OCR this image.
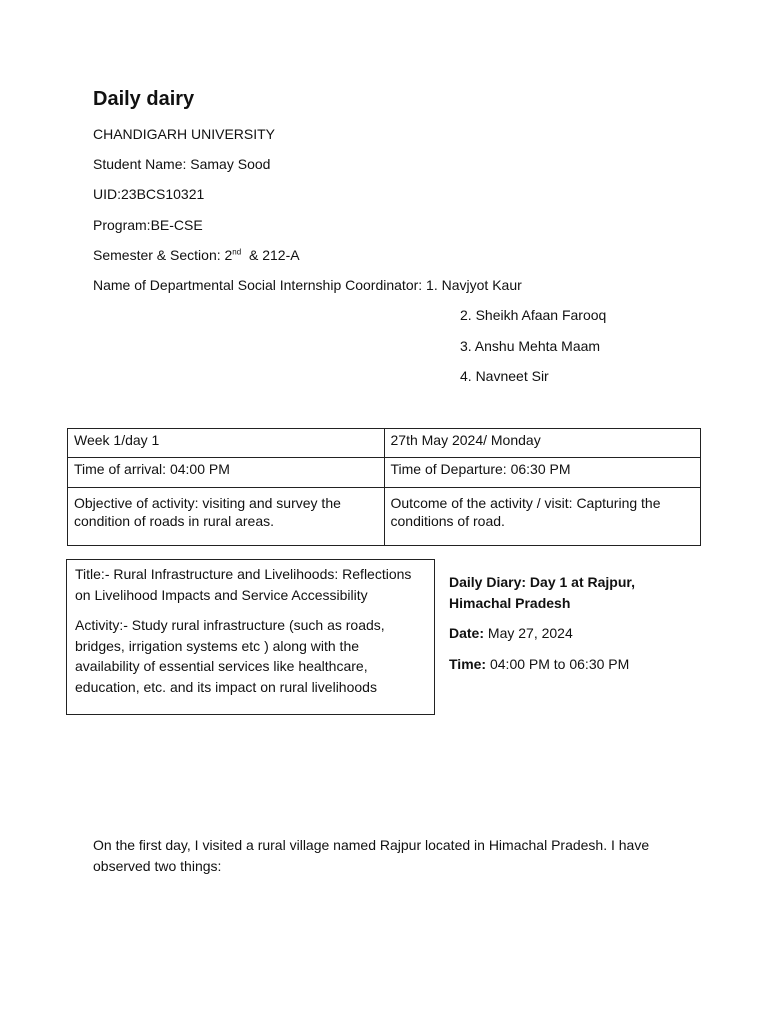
Daily dairy
CHANDIGARH UNIVERSITY
Student Name: Samay Sood
UID:23BCS10321
Program:BE-CSE
Semester & Section: 2nd  & 212-A
Name of Departmental Social Internship Coordinator: 1. Navjyot Kaur
2. Sheikh Afaan Farooq
3. Anshu Mehta Maam
4. Navneet Sir
Week 1/day 1	27th May 2024/ Monday
Time of arrival: 04:00 PM	Time of Departure: 06:30 PM
Objective of activity: visiting and survey the condition of roads in rural areas.	Outcome of the activity / visit: Capturing the conditions of road.

Title:- Rural Infrastructure and Livelihoods: Reflections on Livelihood Impacts and Service Accessibility

Activity:- Study rural infrastructure (such as roads, bridges, irrigation systems etc ) along with the availability of essential services like healthcare, education, etc. and its impact on rural livelihoods

Daily Diary: Day 1 at Rajpur, Himachal Pradesh

Date: May 27, 2024

Time: 04:00 PM to 06:30 PM

On the first day, I visited a rural village named Rajpur located in Himachal Pradesh. I have observed two things:
